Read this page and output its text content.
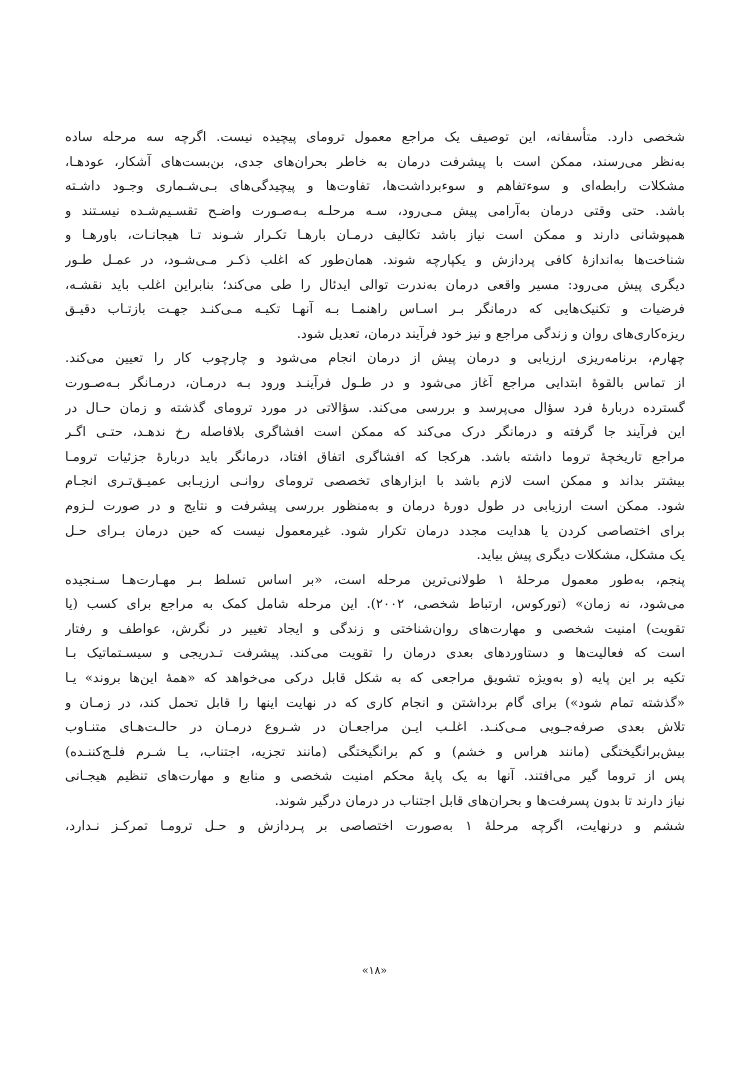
شخصی دارد. متأسفانه، این توصیف یک مراجع معمول ترومای پیچیده نیست. اگرچه سه مرحله ساده
به‌نظر می‌رسند، ممکن است با پیشرفت درمان به خاطر بحران‌های جدی، بن‌بست‌های آشکار، عودهـا،
مشکلات رابطه‌ای و سوءتفاهم و سوءبرداشت‌ها، تفاوت‌ها و پیچیدگی‌های بـی‌شـماری وجـود داشـته
باشد. حتی وقتی درمان به‌آرامی پیش مـی‌رود، سـه مرحلـه بـه‌صـورت واضـح تقسـیم‌شـده نیسـتند و
همپوشانی دارند و ممکن است نیاز باشد تکالیف درمـان بارهـا تکـرار شـوند تـا هیجانـات، باورهـا و
شناخت‌ها به‌اندازهٔ کافی پردازش و یکپارچه شوند. همان‌طور که اغلب ذکـر مـی‌شـود، در عمـل طـور
دیگری پیش می‌رود: مسیر واقعی درمان به‌ندرت توالی ایدئال را طی می‌کند؛ بنابراین اغلب باید نقشـه،
فرضیات و تکنیک‌هایی که درمانگر بـر اسـاس راهنمـا بـه آنهـا تکیـه مـی‌کنـد جهـت بازتـاب دقیـق
ریزه‌کاری‌های روان و زندگی مراجع و نیز خود فرآیند درمان، تعدیل شود.
چهارم، برنامه‌ریزی ارزیابی و درمان پیش از درمان انجام می‌شود و چارچوب کار را تعیین می‌کند.
از تماس بالقوهٔ ابتدایی مراجع آغاز می‌شود و در طـول فرآینـد ورود بـه درمـان، درمـانگر بـه‌صـورت
گسترده دربارهٔ فرد سؤال می‌پرسد و بررسی می‌کند. سؤالاتی در مورد ترومای گذشته و زمان حـال در
این فرآیند جا گرفته و درمانگر درک می‌کند که ممکن است افشاگری بلافاصله رخ ندهـد، حتـی اگـر
مراجع تاریخچهٔ تروما داشته باشد. هرکجا که افشاگری اتفاق افتاد، درمانگر باید دربارهٔ جزئیات ترومـا
بیشتر بداند و ممکن است لازم باشد با ابزارهای تخصصی ترومای روانـی ارزیـابی عمیـق‌تـری انجـام
شود. ممکن است ارزیابی در طول دورهٔ درمان و به‌منظور بررسی پیشرفت و نتایج و در صورت لـزوم
برای اختصاصی کردن یا هدایت مجدد درمان تکرار شود. غیرمعمول نیست که حین درمان بـرای حـل
یک مشکل، مشکلات دیگری پیش بیاید.
پنجم، به‌طور معمول مرحلهٔ ۱ طولانی‌ترین مرحله است، «بر اساس تسلط بـر مهـارت‌هـا سـنجیده
می‌شود، نه زمان» (تورکوس، ارتباط شخصی، ۲۰۰۲). این مرحله شامل کمک به مراجع برای کسب (یا
تقویت) امنیت شخصی و مهارت‌های روان‌شناختی و زندگی و ایجاد تغییر در نگرش، عواطف و رفتار
است که فعالیت‌ها و دستاوردهای بعدی درمان را تقویت می‌کند. پیشرفت تـدریجی و سیسـتماتیک بـا
تکیه بر این پایه (و بەویژه تشویق مراجعی که به شکل قابل درکی می‌خواهد که «همهٔ این‌ها بروند» یـا
«گذشته تمام شود») برای گام برداشتن و انجام کاری که در نهایت اینها را قابل تحمل کند، در زمـان و
تلاش بعدی صرفه‌جـویی مـی‌کنـد. اغلـب ایـن مراجعـان در شـروع درمـان در حالـت‌هـای متنـاوب
بیش‌برانگیختگی (مانند هراس و خشم) و کم برانگیختگی (مانند تجزیه، اجتناب، یـا شـرم فلـج‌کننـده)
پس از تروما گیر می‌افتند. آنها به یک پایهٔ محکم امنیت شخصی و منابع و مهارت‌های تنظیم هیجـانی
نیاز دارند تا بدون پسرفت‌ها و بحران‌های قابل اجتناب در درمان درگیر شوند.
ششم و درنهایت، اگرچه مرحلهٔ ۱ به‌صورت اختصاصی بر پـردازش و حـل ترومـا تمرکـز نـدارد،
«۱۸»
